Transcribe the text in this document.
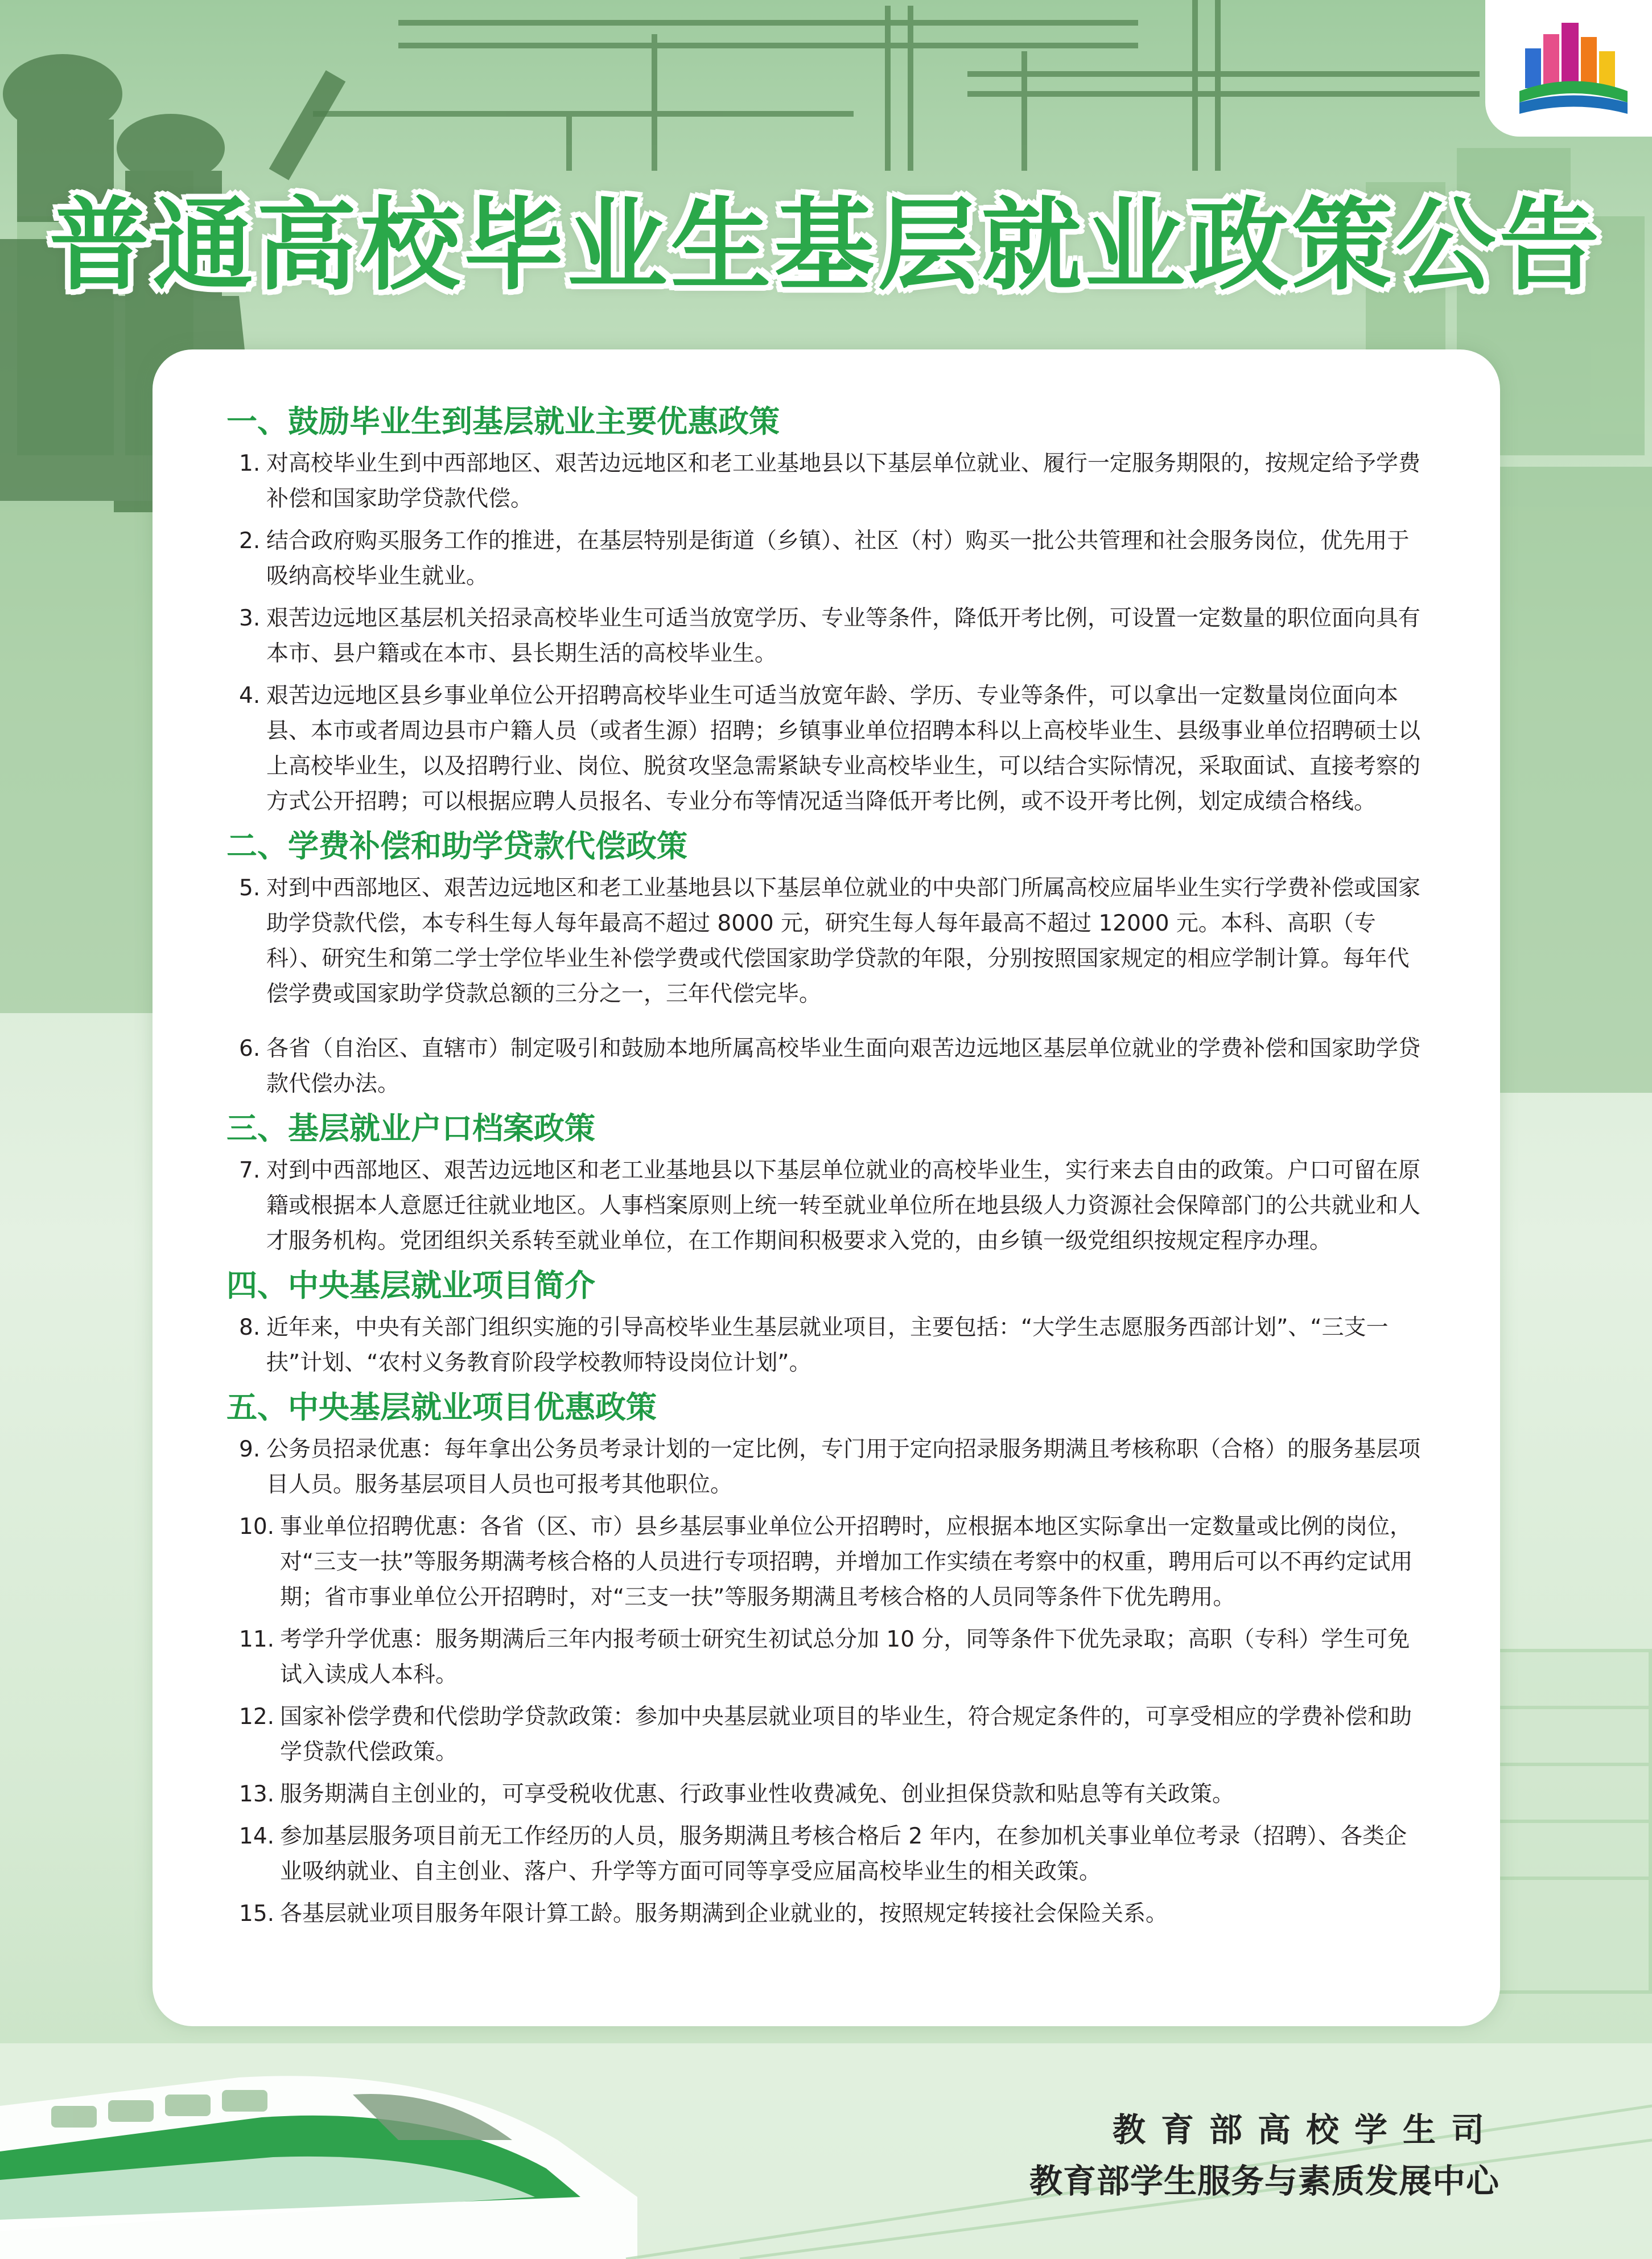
普通高校毕业生基层就业政策公告
一、鼓励毕业生到基层就业主要优惠政策
1. 对高校毕业生到中西部地区、艰苦边远地区和老工业基地县以下基层单位就业、履行一定服务期限的，按规定给予学费补偿和国家助学贷款代偿。
2. 结合政府购买服务工作的推进，在基层特别是街道（乡镇）、社区（村）购买一批公共管理和社会服务岗位，优先用于吸纳高校毕业生就业。
3. 艰苦边远地区基层机关招录高校毕业生可适当放宽学历、专业等条件，降低开考比例，可设置一定数量的职位面向具有本市、县户籍或在本市、县长期生活的高校毕业生。
4. 艰苦边远地区县乡事业单位公开招聘高校毕业生可适当放宽年龄、学历、专业等条件，可以拿出一定数量岗位面向本县、本市或者周边县市户籍人员（或者生源）招聘；乡镇事业单位招聘本科以上高校毕业生、县级事业单位招聘硕士以上高校毕业生，以及招聘行业、岗位、脱贫攻坚急需紧缺专业高校毕业生，可以结合实际情况，采取面试、直接考察的方式公开招聘；可以根据应聘人员报名、专业分布等情况适当降低开考比例，或不设开考比例，划定成绩合格线。
二、学费补偿和助学贷款代偿政策
5. 对到中西部地区、艰苦边远地区和老工业基地县以下基层单位就业的中央部门所属高校应届毕业生实行学费补偿或国家助学贷款代偿，本专科生每人每年最高不超过 8000 元，研究生每人每年最高不超过 12000 元。本科、高职（专科）、研究生和第二学士学位毕业生补偿学费或代偿国家助学贷款的年限，分别按照国家规定的相应学制计算。每年代偿学费或国家助学贷款总额的三分之一，三年代偿完毕。
6. 各省（自治区、直辖市）制定吸引和鼓励本地所属高校毕业生面向艰苦边远地区基层单位就业的学费补偿和国家助学贷款代偿办法。
三、基层就业户口档案政策
7. 对到中西部地区、艰苦边远地区和老工业基地县以下基层单位就业的高校毕业生，实行来去自由的政策。户口可留在原籍或根据本人意愿迁往就业地区。人事档案原则上统一转至就业单位所在地县级人力资源社会保障部门的公共就业和人才服务机构。党团组织关系转至就业单位，在工作期间积极要求入党的，由乡镇一级党组织按规定程序办理。
四、中央基层就业项目简介
8. 近年来，中央有关部门组织实施的引导高校毕业生基层就业项目，主要包括：“大学生志愿服务西部计划”、“三支一扶”计划、“农村义务教育阶段学校教师特设岗位计划”。
五、中央基层就业项目优惠政策
9. 公务员招录优惠：每年拿出公务员考录计划的一定比例，专门用于定向招录服务期满且考核称职（合格）的服务基层项目人员。服务基层项目人员也可报考其他职位。
10. 事业单位招聘优惠：各省（区、市）县乡基层事业单位公开招聘时，应根据本地区实际拿出一定数量或比例的岗位，对“三支一扶”等服务期满考核合格的人员进行专项招聘，并增加工作实绩在考察中的权重，聘用后可以不再约定试用期；省市事业单位公开招聘时，对“三支一扶”等服务期满且考核合格的人员同等条件下优先聘用。
11. 考学升学优惠：服务期满后三年内报考硕士研究生初试总分加 10 分，同等条件下优先录取；高职（专科）学生可免试入读成人本科。
12. 国家补偿学费和代偿助学贷款政策：参加中央基层就业项目的毕业生，符合规定条件的，可享受相应的学费补偿和助学贷款代偿政策。
13. 服务期满自主创业的，可享受税收优惠、行政事业性收费减免、创业担保贷款和贴息等有关政策。
14. 参加基层服务项目前无工作经历的人员，服务期满且考核合格后 2 年内，在参加机关事业单位考录（招聘）、各类企业吸纳就业、自主创业、落户、升学等方面可同等享受应届高校毕业生的相关政策。
15. 各基层就业项目服务年限计算工龄。服务期满到企业就业的，按照规定转接社会保险关系。
教育部高校学生司
教育部学生服务与素质发展中心
